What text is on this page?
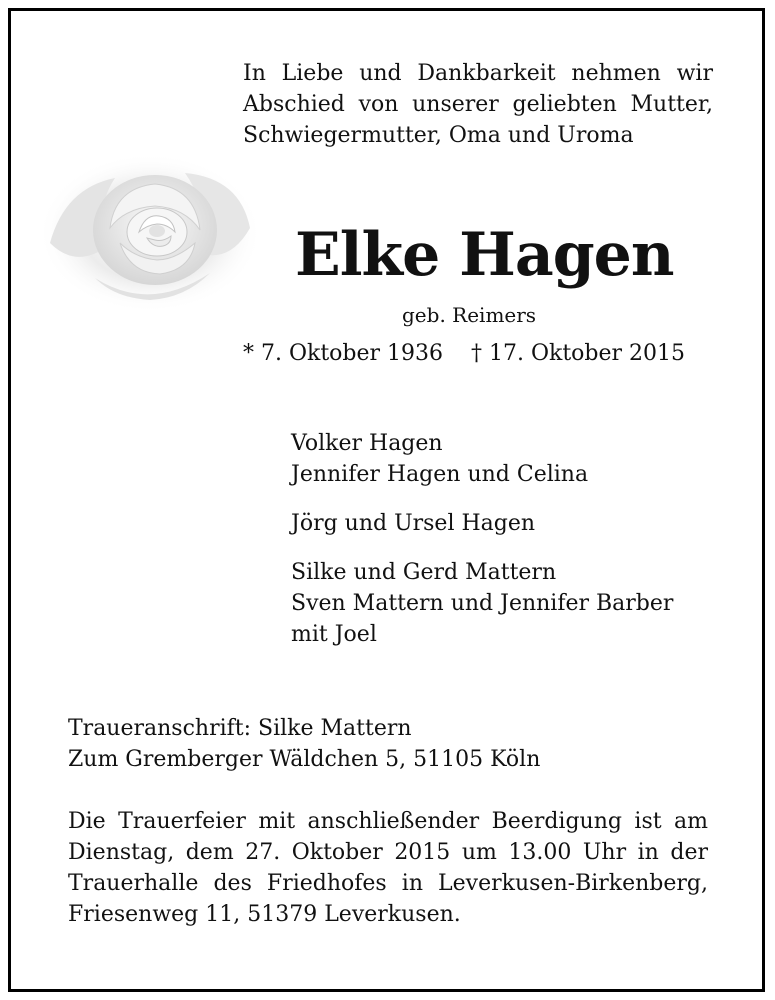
In Liebe und Dankbarkeit nehmen wir
Abschied von unserer geliebten Mutter,
Schwiegermutter, Oma und Uroma
Elke Hagen
geb. Reimers
* 7. Oktober 1936    † 17. Oktober 2015
Volker Hagen
Jennifer Hagen und Celina
Jörg und Ursel Hagen
Silke und Gerd Mattern
Sven Mattern und Jennifer Barber
mit Joel
Traueranschrift: Silke Mattern
Zum Gremberger Wäldchen 5, 51105 Köln
Die Trauerfeier mit anschließender Beerdigung ist am
Dienstag, dem 27. Oktober 2015 um 13.00 Uhr in der
Trauerhalle des Friedhofes in Leverkusen-Birkenberg,
Friesenweg 11, 51379 Leverkusen.
